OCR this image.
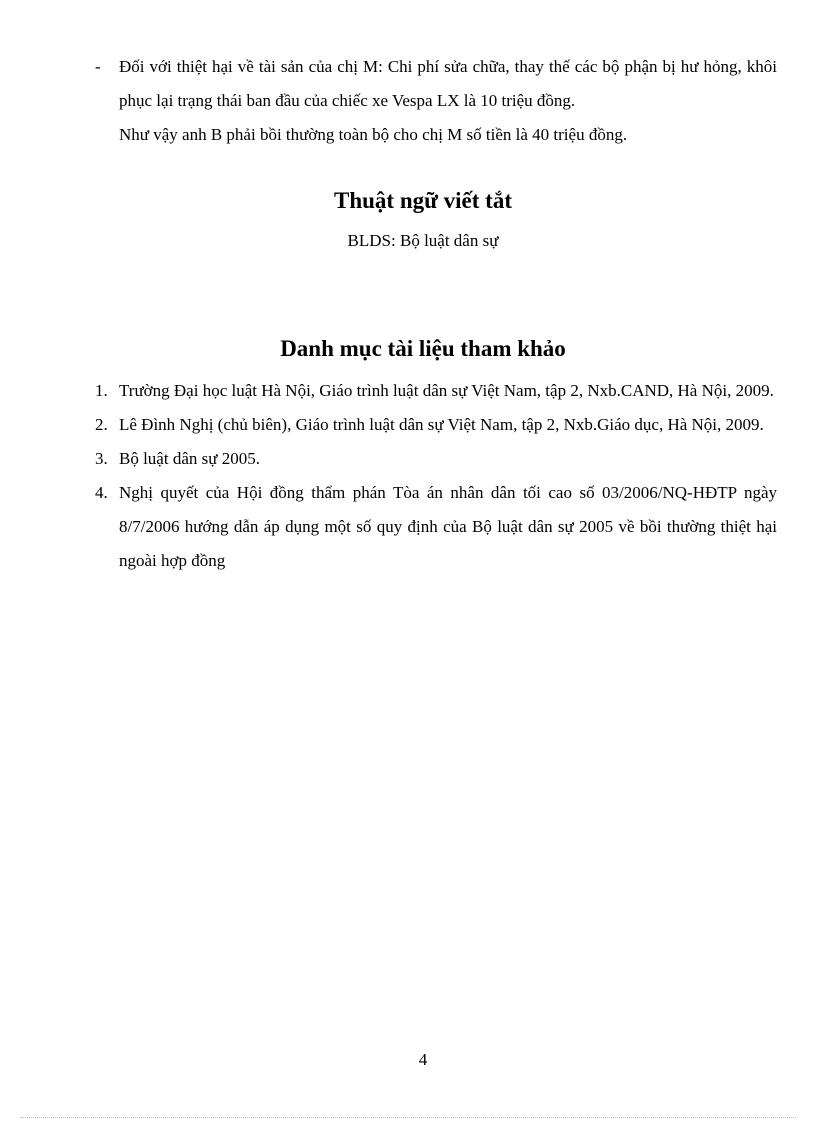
-	Đối với thiệt hại về tài sản của chị M: Chi phí sửa chữa, thay thế các bộ phận bị hư hỏng, khôi phục lại trạng thái ban đầu của chiếc xe Vespa LX là 10 triệu đồng.
Như vậy anh B phải bồi thường toàn bộ cho chị M số tiền là 40 triệu đồng.
Thuật ngữ viết tắt
BLDS: Bộ luật dân sự
Danh mục tài liệu tham khảo
1. Trường Đại học luật Hà Nội, Giáo trình luật dân sự Việt Nam, tập 2, Nxb.CAND, Hà Nội, 2009.
2. Lê Đình Nghị (chủ biên), Giáo trình luật dân sự Việt Nam, tập 2, Nxb.Giáo dục, Hà Nội, 2009.
3. Bộ luật dân sự 2005.
4. Nghị quyết của Hội đồng thẩm phán Tòa án nhân dân tối cao số 03/2006/NQ-HĐTP ngày 8/7/2006 hướng dẫn áp dụng một số quy định của Bộ luật dân sự 2005 về bồi thường thiệt hại ngoài hợp đồng
4
